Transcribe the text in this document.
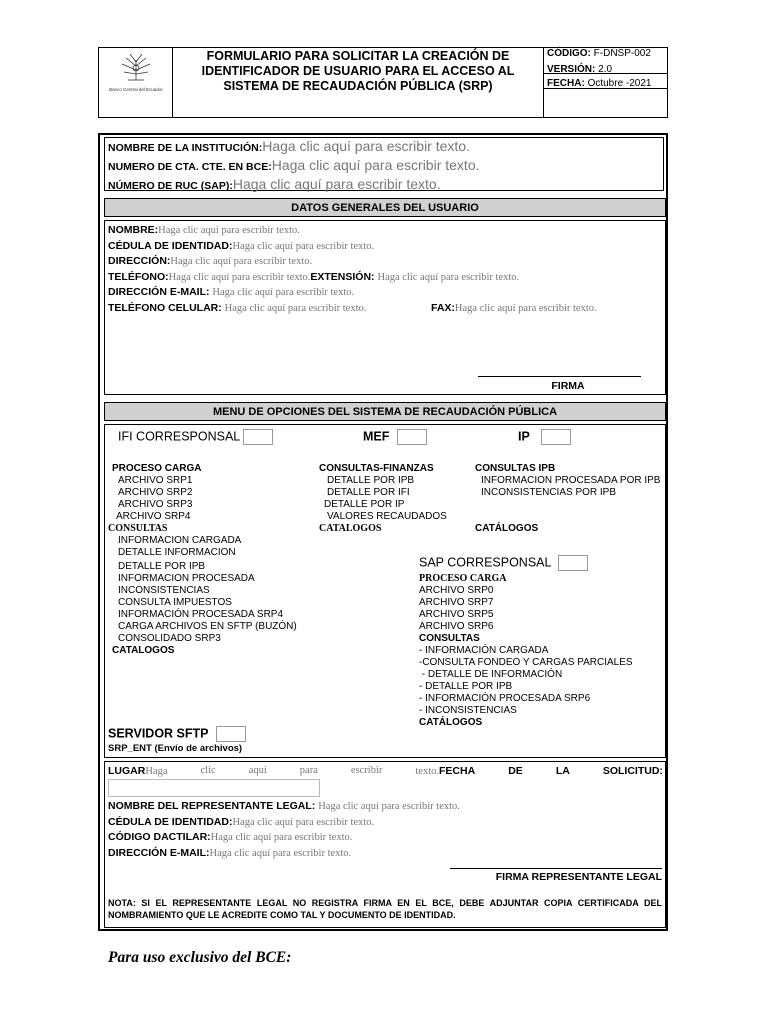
Banco Central del Ecuador
FORMULARIO PARA SOLICITAR LA CREACIÓN DE
IDENTIFICADOR DE USUARIO PARA EL ACCESO AL
SISTEMA DE RECAUDACIÓN PÚBLICA (SRP)
CÓDIGO: F-DNSP-002
VERSIÓN: 2.0
FECHA: Octubre -2021
NOMBRE DE LA INSTITUCIÓN:Haga clic aquí para escribir texto.
NUMERO DE CTA. CTE. EN BCE:Haga clic aquí para escribir texto.
NÚMERO DE RUC (SAP):Haga clic aquí para escribir texto.
DATOS GENERALES DEL USUARIO
NOMBRE:Haga clic aquí para escribir texto.
CÉDULA DE IDENTIDAD:Haga clic aquí para escribir texto.
DIRECCIÓN:Haga clic aquí para escribir texto.
TELÉFONO:Haga clic aquí para escribir texto.EXTENSIÓN: Haga clic aquí para escribir texto.
DIRECCIÓN E-MAIL: Haga clic aquí para escribir texto.
TELÉFONO CELULAR: Haga clic aquí para escribir texto.	FAX:Haga clic aquí para escribir texto.
FIRMA
MENU DE OPCIONES DEL SISTEMA DE RECAUDACIÓN PÚBLICA
IFI CORRESPONSAL	MEF	IP
PROCESO CARGA
ARCHIVO SRP1
ARCHIVO SRP2
ARCHIVO SRP3
ARCHIVO SRP4
CONSULTAS
INFORMACION CARGADA
DETALLE INFORMACION
DETALLE POR IPB
INFORMACION PROCESADA
INCONSISTENCIAS
CONSULTA IMPUESTOS
INFORMACIÓN PROCESADA SRP4
CARGA ARCHIVOS EN SFTP (BUZÓN)
CONSOLIDADO SRP3
CATALOGOS
CONSULTAS-FINANZAS
DETALLE POR IPB
DETALLE POR IFI
DETALLE POR IP
VALORES RECAUDADOS
CATALOGOS
CONSULTAS IPB
INFORMACION PROCESADA POR IPB
INCONSISTENCIAS POR IPB
CATÁLOGOS
SAP CORRESPONSAL
PROCESO CARGA
ARCHIVO SRP0
ARCHIVO SRP7
ARCHIVO SRP5
ARCHIVO SRP6
CONSULTAS
- INFORMACIÓN CARGADA
-CONSULTA FONDEO Y CARGAS PARCIALES
- DETALLE DE INFORMACIÓN
- DETALLE POR IPB
- INFORMACIÓN PROCESADA SRP6
- INCONSISTENCIAS
CATÁLOGOS
SERVIDOR SFTP
SRP_ENT (Envío de archivos)
LUGARHaga	clic	aquí	para	escribir	texto.FECHA	DE	LA	SOLICITUD:
NOMBRE DEL REPRESENTANTE LEGAL: Haga clic aquí para escribir texto.
CÉDULA DE IDENTIDAD:Haga clic aquí para escribir texto.
CÓDIGO DACTILAR:Haga clic aquí para escribir texto.
DIRECCIÓN E-MAIL:Haga clic aquí para escribir texto.
FIRMA REPRESENTANTE LEGAL
NOTA: SI EL REPRESENTANTE LEGAL NO REGISTRA FIRMA EN EL BCE, DEBE ADJUNTAR COPIA CERTIFICADA DEL NOMBRAMIENTO QUE LE ACREDITE COMO TAL Y DOCUMENTO DE IDENTIDAD.
Para uso exclusivo del BCE:
